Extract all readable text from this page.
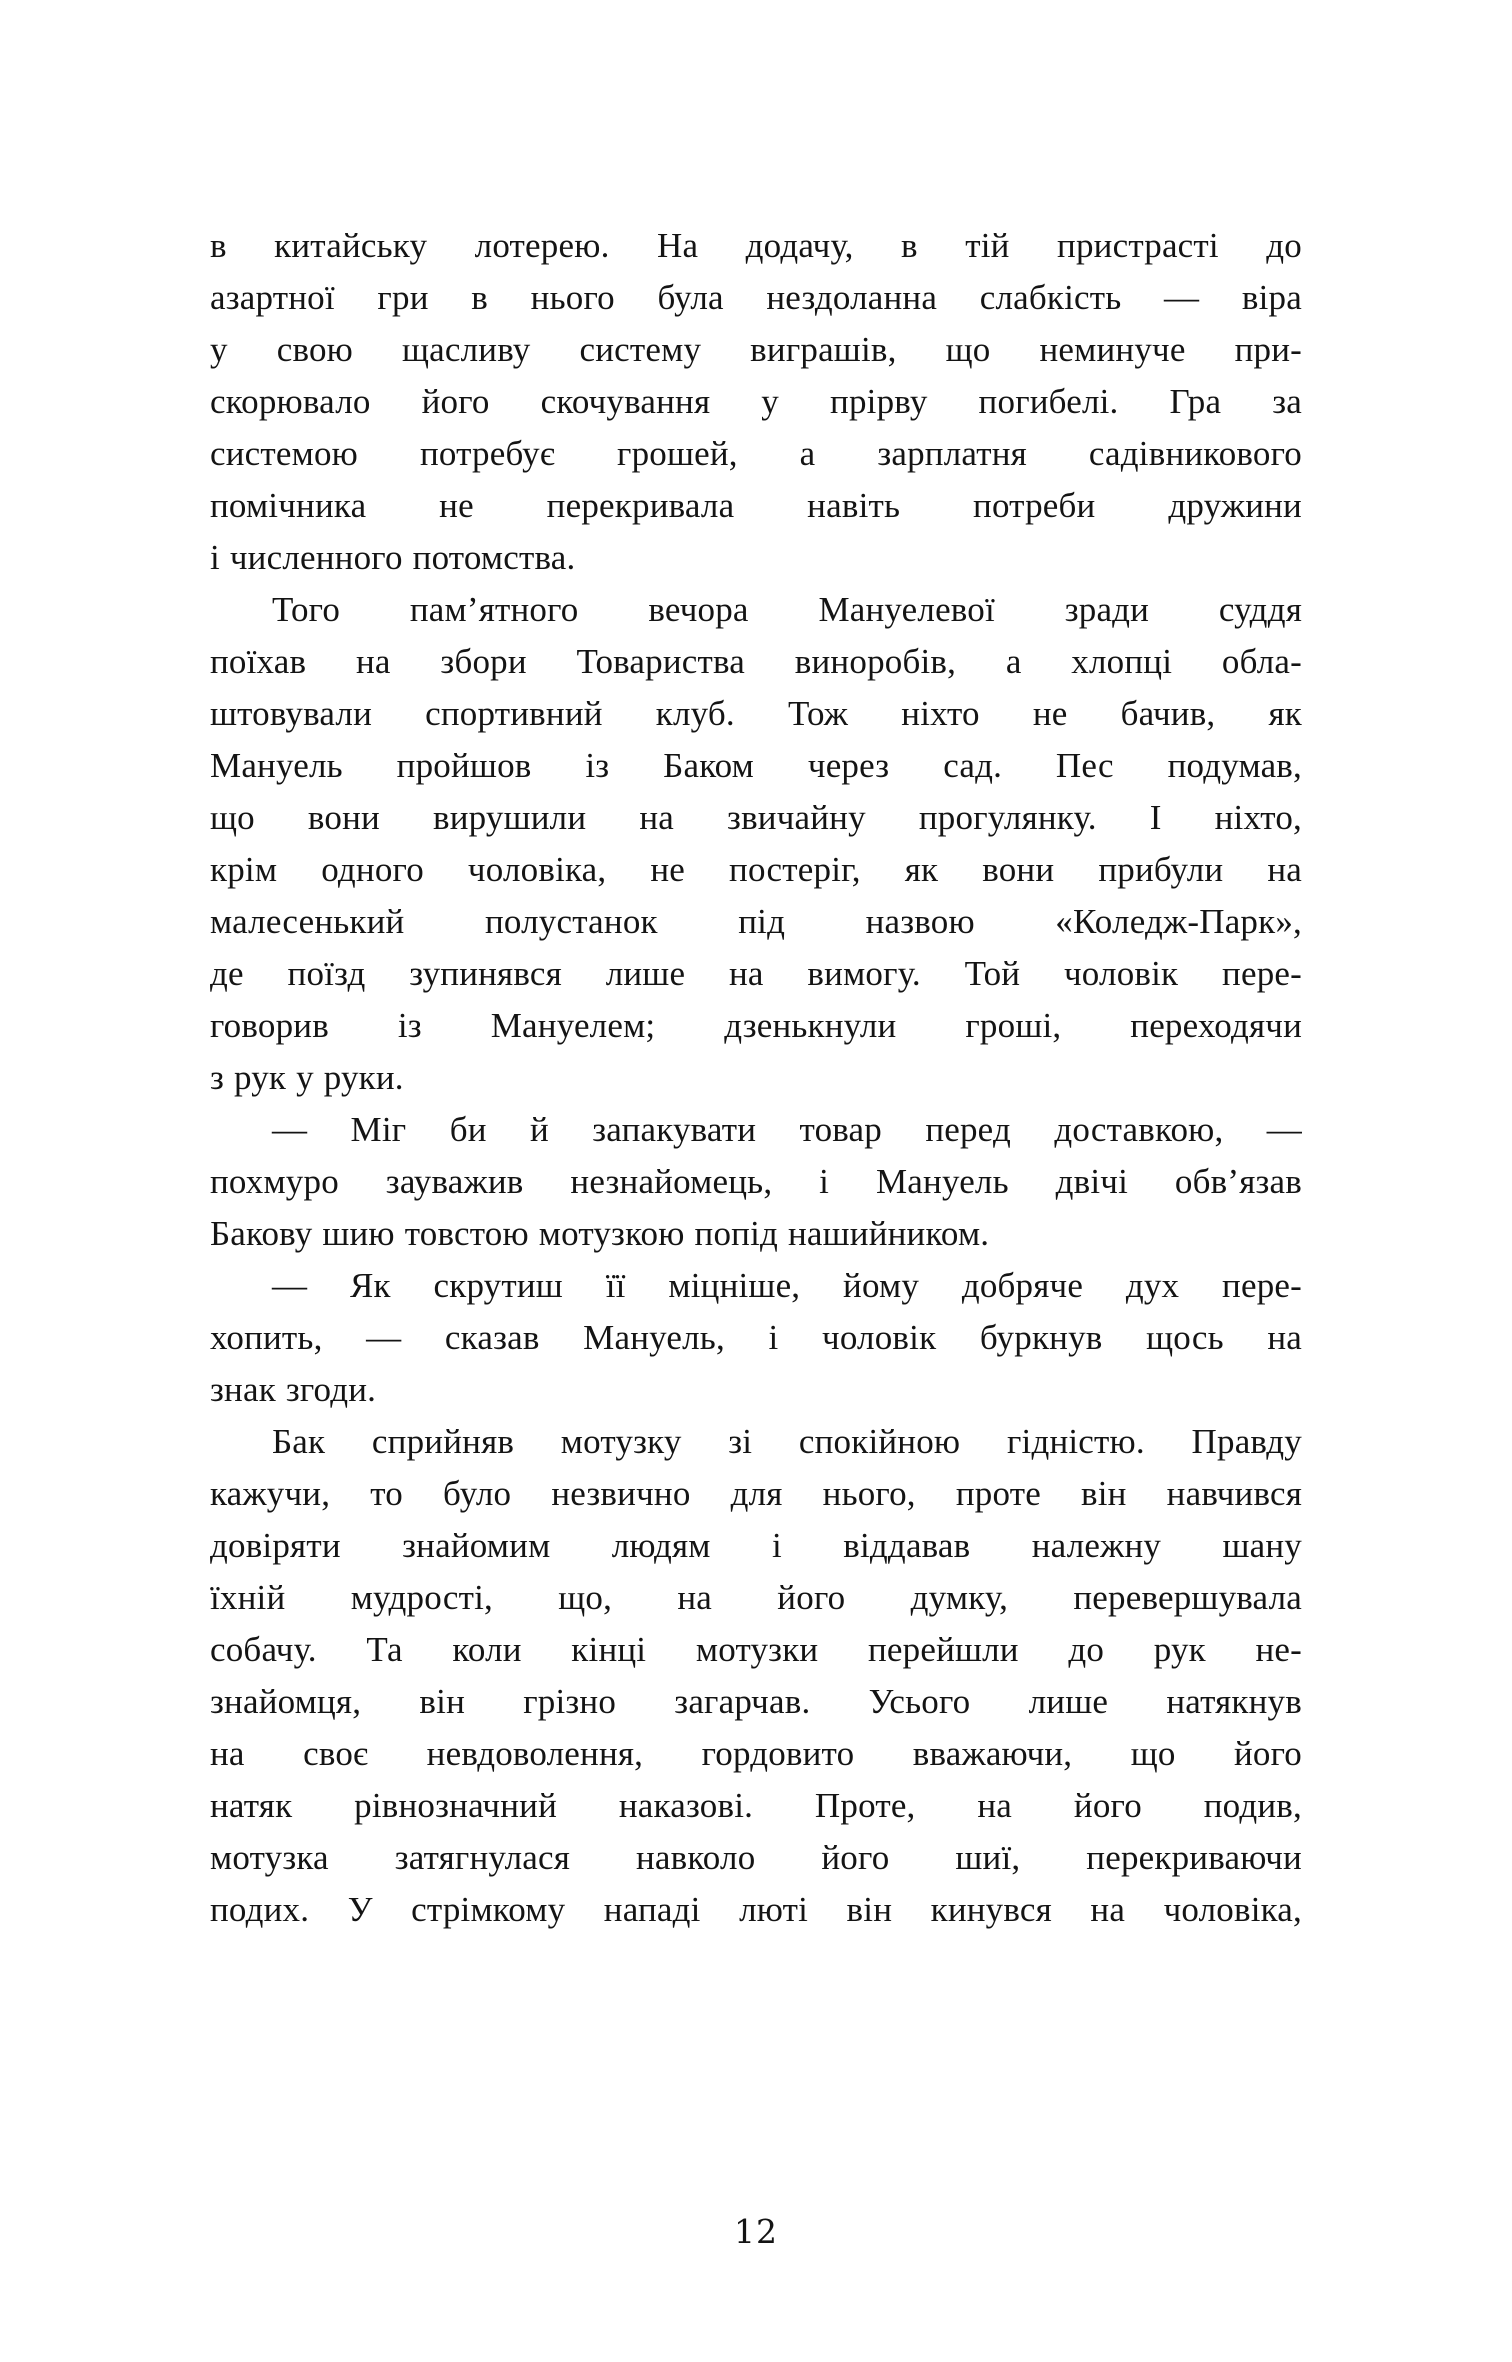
в китайську лотерею. На додачу, в тій пристрасті до
азартної гри в нього була нездоланна слабкість — віра
у свою щасливу систему виграшів, що неминуче при-
скорювало його скочування у прірву погибелі. Гра за
системою потребує грошей, а зарплатня садівникового
помічника не перекривала навіть потреби дружини
і численного потомства.
Того пам’ятного вечора Мануелевої зради суддя
поїхав на збори Товариства виноробів, а хлопці обла-
штовували спортивний клуб. Тож ніхто не бачив, як
Мануель пройшов із Баком через сад. Пес подумав,
що вони вирушили на звичайну прогулянку. І ніхто,
крім одного чоловіка, не постеріг, як вони прибули на
малесенький полустанок під назвою «Коледж-Парк»,
де поїзд зупинявся лише на вимогу. Той чоловік пере-
говорив із Мануелем; дзенькнули гроші, переходячи
з рук у руки.
— Міг би й запакувати товар перед доставкою, —
похмуро зауважив незнайомець, і Мануель двічі обв’язав
Бакову шию товстою мотузкою попід нашийником.
— Як скрутиш її міцніше, йому добряче дух пере-
хопить, — сказав Мануель, і чоловік буркнув щось на
знак згоди.
Бак сприйняв мотузку зі спокійною гідністю. Правду
кажучи, то було незвично для нього, проте він навчився
довіряти знайомим людям і віддавав належну шану
їхній мудрості, що, на його думку, перевершувала
собачу. Та коли кінці мотузки перейшли до рук не-
знайомця, він грізно загарчав. Усього лише натякнув
на своє невдоволення, гордовито вважаючи, що його
натяк рівнозначний наказові. Проте, на його подив,
мотузка затягнулася навколо його шиї, перекриваючи
подих. У стрімкому нападі люті він кинувся на чоловіка,
12
